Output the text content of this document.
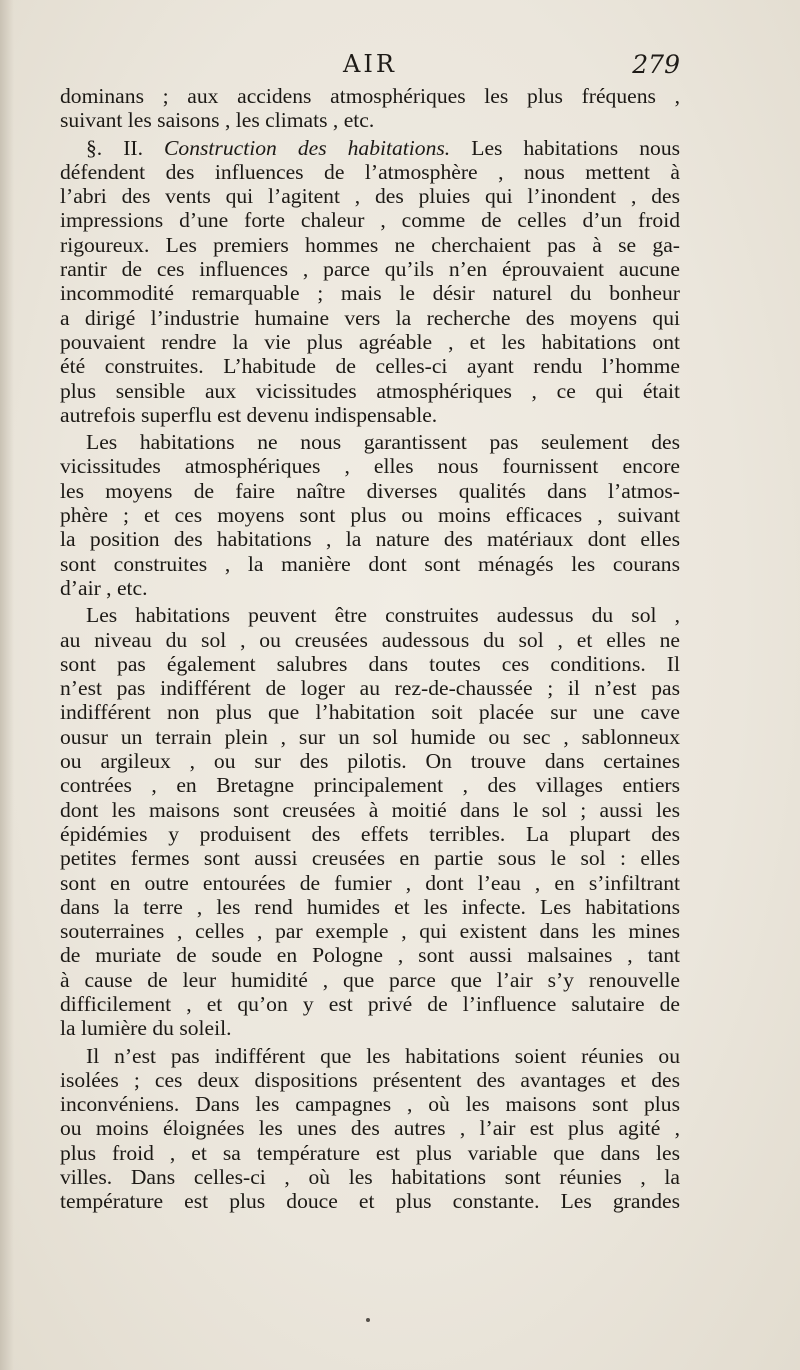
AIR	279
dominans ; aux accidens atmosphériques les plus fréquens ,
suivant les saisons , les climats , etc.
§. II. Construction des habitations. Les habitations nous
défendent des influences de l’atmosphère , nous mettent à
l’abri des vents qui l’agitent , des pluies qui l’inondent , des
impressions d’une forte chaleur , comme de celles d’un froid
rigoureux. Les premiers hommes ne cherchaient pas à se ga-
rantir de ces influences , parce qu’ils n’en éprouvaient aucune
incommodité remarquable ; mais le désir naturel du bonheur
a dirigé l’industrie humaine vers la recherche des moyens qui
pouvaient rendre la vie plus agréable , et les habitations ont
été construites. L’habitude de celles-ci ayant rendu l’homme
plus sensible aux vicissitudes atmosphériques , ce qui était
autrefois superflu est devenu indispensable.
Les habitations ne nous garantissent pas seulement des
vicissitudes atmosphériques , elles nous fournissent encore
les moyens de faire naître diverses qualités dans l’atmos-
phère ; et ces moyens sont plus ou moins efficaces , suivant
la position des habitations , la nature des matériaux dont elles
sont construites , la manière dont sont ménagés les courans
d’air , etc.
Les habitations peuvent être construites audessus du sol ,
au niveau du sol , ou creusées audessous du sol , et elles ne
sont pas également salubres dans toutes ces conditions. Il
n’est pas indifférent de loger au rez-de-chaussée ; il n’est pas
indifférent non plus que l’habitation soit placée sur une cave
ousur un terrain plein , sur un sol humide ou sec , sablonneux
ou argileux , ou sur des pilotis. On trouve dans certaines
contrées , en Bretagne principalement , des villages entiers
dont les maisons sont creusées à moitié dans le sol ; aussi les
épidémies y produisent des effets terribles. La plupart des
petites fermes sont aussi creusées en partie sous le sol : elles
sont en outre entourées de fumier , dont l’eau , en s’infiltrant
dans la terre , les rend humides et les infecte. Les habitations
souterraines , celles , par exemple , qui existent dans les mines
de muriate de soude en Pologne , sont aussi malsaines , tant
à cause de leur humidité , que parce que l’air s’y renouvelle
difficilement , et qu’on y est privé de l’influence salutaire de
la lumière du soleil.
Il n’est pas indifférent que les habitations soient réunies ou
isolées ; ces deux dispositions présentent des avantages et des
inconvéniens. Dans les campagnes , où les maisons sont plus
ou moins éloignées les unes des autres , l’air est plus agité ,
plus froid , et sa température est plus variable que dans les
villes. Dans celles-ci , où les habitations sont réunies , la
température est plus douce et plus constante. Les grandes
